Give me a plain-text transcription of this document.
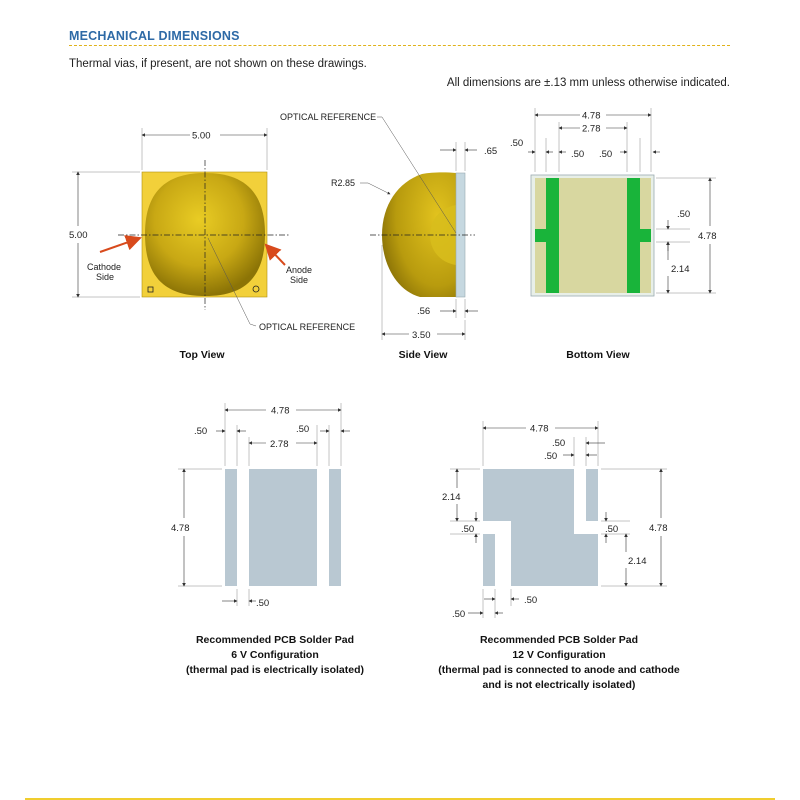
MECHANICAL DIMENSIONS
Thermal vias, if present, are not shown on these drawings.
All dimensions are ±.13 mm unless otherwise indicated.
5.00
5.00
Cathode
Side
Anode
Side
OPTICAL REFERENCE
Top View
OPTICAL REFERENCE
R2.85
.65
.56
3.50
Side View
4.78
2.78
.50
.50 .50
4.78
.50
2.14
Bottom View
4.78
.50	.50
2.78
4.78
.50
Recommended PCB Solder Pad
6 V Configuration
(thermal pad is electrically isolated)
4.78
.50
.50
2.14
.50	.50	4.78
2.14
.50
.50
Recommended PCB Solder Pad
12 V Configuration
(thermal pad is connected to anode and cathode
and is not electrically isolated)
